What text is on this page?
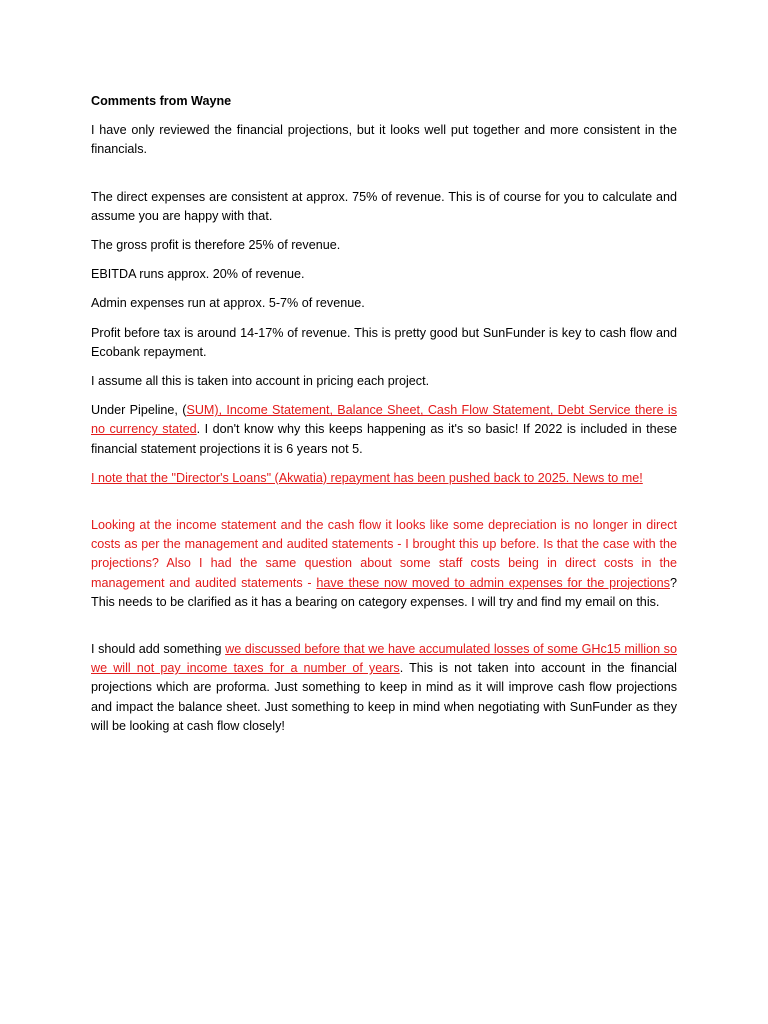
Comments from Wayne

I have only reviewed the financial projections, but it looks well put together and more consistent in the financials.

The direct expenses are consistent at approx. 75% of revenue. This is of course for you to calculate and assume you are happy with that.

The gross profit is therefore 25% of revenue.

EBITDA runs approx. 20% of revenue.

Admin expenses run at approx. 5-7% of revenue.

Profit before tax is around 14-17% of revenue. This is pretty good but SunFunder is key to cash flow and Ecobank repayment.

I assume all this is taken into account in pricing each project.

Under Pipeline, (SUM), Income Statement, Balance Sheet, Cash Flow Statement, Debt Service there is no currency stated. I don't know why this keeps happening as it's so basic! If 2022 is included in these financial statement projections it is 6 years not 5.

I note that the "Director's Loans" (Akwatia) repayment has been pushed back to 2025. News to me!

Looking at the income statement and the cash flow it looks like some depreciation is no longer in direct costs as per the management and audited statements - I brought this up before. Is that the case with the projections? Also I had the same question about some staff costs being in direct costs in the management and audited statements - have these now moved to admin expenses for the projections? This needs to be clarified as it has a bearing on category expenses. I will try and find my email on this.

I should add something we discussed before that we have accumulated losses of some GHc15 million so we will not pay income taxes for a number of years. This is not taken into account in the financial projections which are proforma. Just something to keep in mind as it will improve cash flow projections and impact the balance sheet. Just something to keep in mind when negotiating with SunFunder as they will be looking at cash flow closely!
